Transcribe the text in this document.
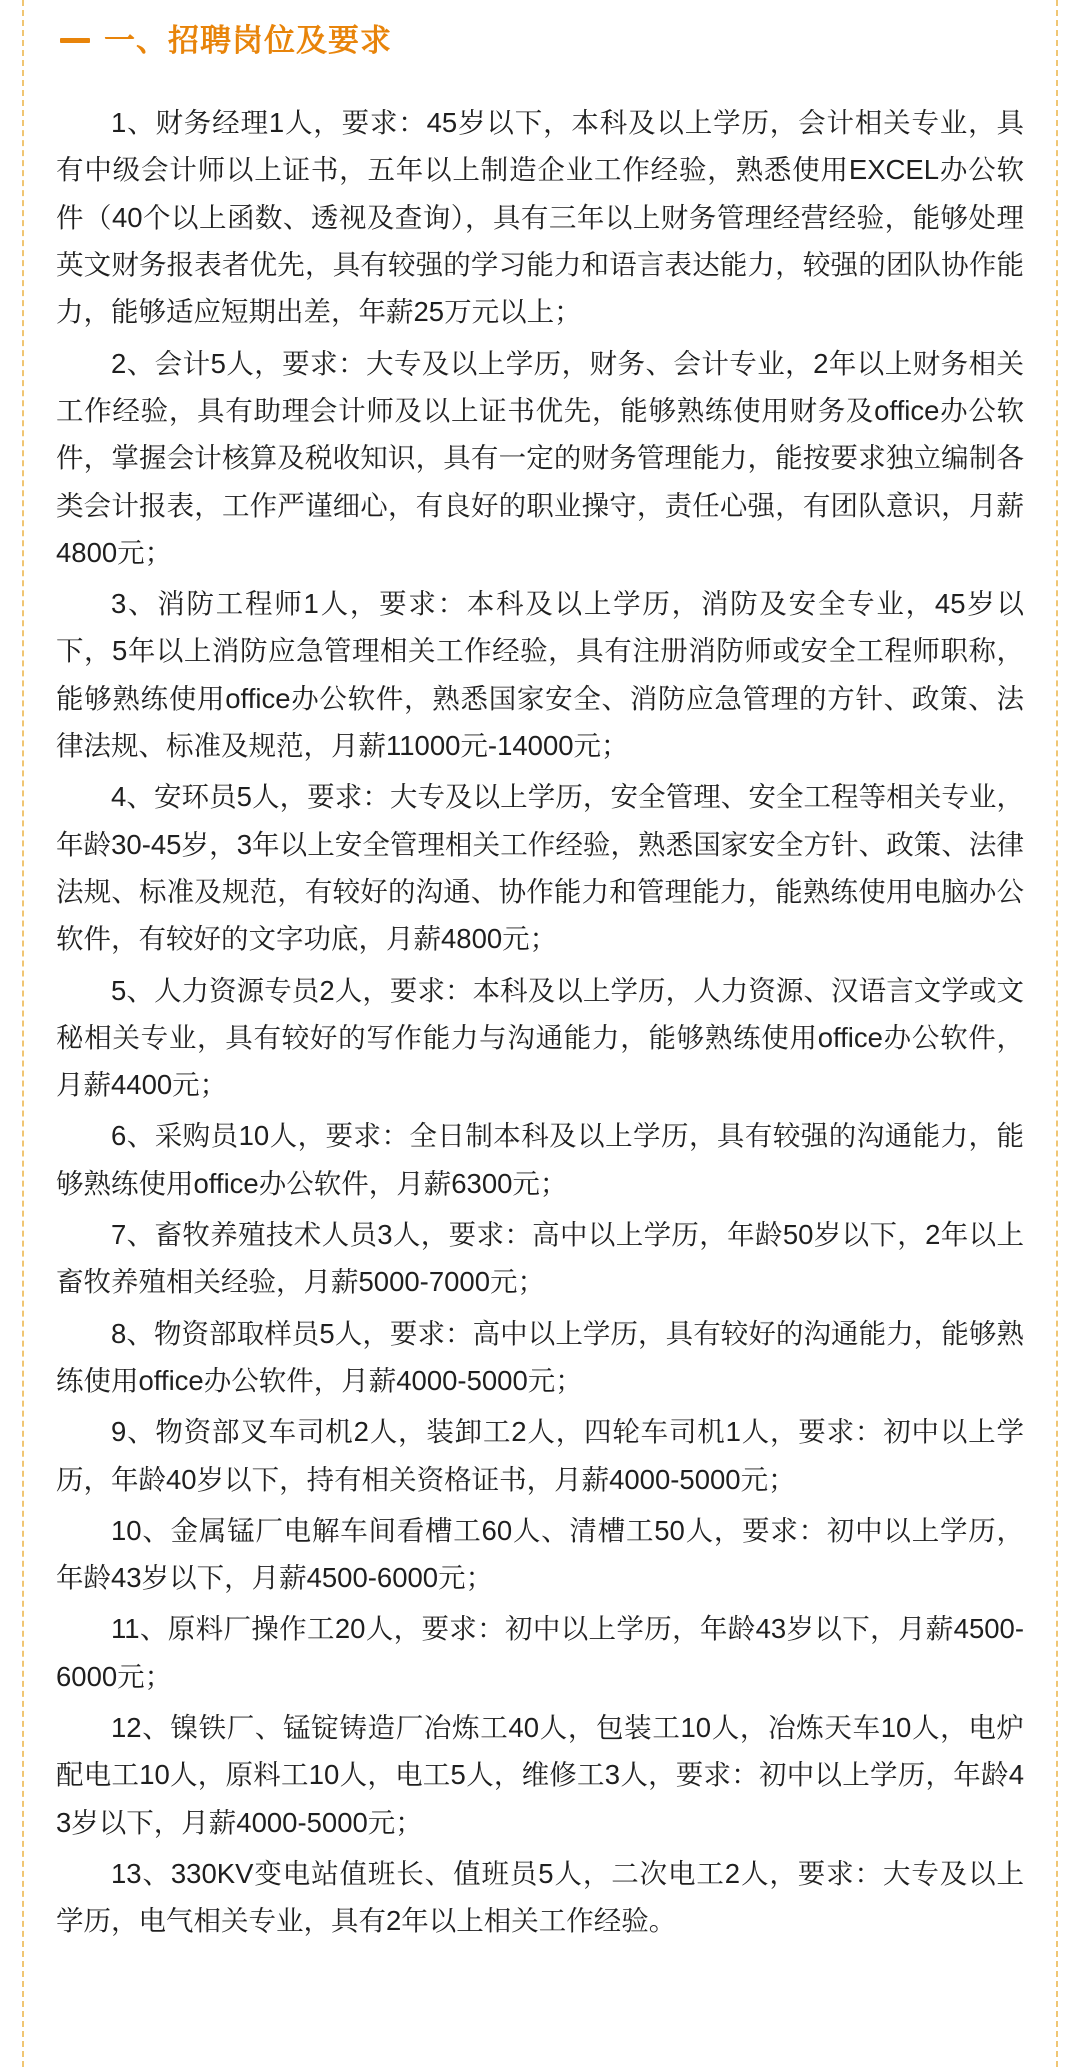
一、招聘岗位及要求

1、财务经理1人，要求：45岁以下，本科及以上学历，会计相关专业，具有中级会计师以上证书，五年以上制造企业工作经验，熟悉使用EXCEL办公软件（40个以上函数、透视及查询），具有三年以上财务管理经营经验，能够处理英文财务报表者优先，具有较强的学习能力和语言表达能力，较强的团队协作能力，能够适应短期出差，年薪25万元以上；

2、会计5人，要求：大专及以上学历，财务、会计专业，2年以上财务相关工作经验，具有助理会计师及以上证书优先，能够熟练使用财务及office办公软件，掌握会计核算及税收知识，具有一定的财务管理能力，能按要求独立编制各类会计报表，工作严谨细心，有良好的职业操守，责任心强，有团队意识，月薪4800元；

3、消防工程师1人，要求：本科及以上学历，消防及安全专业，45岁以下，5年以上消防应急管理相关工作经验，具有注册消防师或安全工程师职称，能够熟练使用office办公软件，熟悉国家安全、消防应急管理的方针、政策、法律法规、标准及规范，月薪11000元-14000元；

4、安环员5人，要求：大专及以上学历，安全管理、安全工程等相关专业，年龄30-45岁，3年以上安全管理相关工作经验，熟悉国家安全方针、政策、法律法规、标准及规范，有较好的沟通、协作能力和管理能力，能熟练使用电脑办公软件，有较好的文字功底，月薪4800元；

5、人力资源专员2人，要求：本科及以上学历，人力资源、汉语言文学或文秘相关专业，具有较好的写作能力与沟通能力，能够熟练使用office办公软件，月薪4400元；

6、采购员10人，要求：全日制本科及以上学历，具有较强的沟通能力，能够熟练使用office办公软件，月薪6300元；

7、畜牧养殖技术人员3人，要求：高中以上学历，年龄50岁以下，2年以上畜牧养殖相关经验，月薪5000-7000元；

8、物资部取样员5人，要求：高中以上学历，具有较好的沟通能力，能够熟练使用office办公软件，月薪4000-5000元；

9、物资部叉车司机2人，装卸工2人，四轮车司机1人，要求：初中以上学历，年龄40岁以下，持有相关资格证书，月薪4000-5000元；

10、金属锰厂电解车间看槽工60人、清槽工50人，要求：初中以上学历，年龄43岁以下，月薪4500-6000元；

11、原料厂操作工20人，要求：初中以上学历，年龄43岁以下，月薪4500-6000元；

12、镍铁厂、锰锭铸造厂冶炼工40人，包装工10人，冶炼天车10人，电炉配电工10人，原料工10人，电工5人，维修工3人，要求：初中以上学历，年龄43岁以下，月薪4000-5000元；

13、330KV变电站值班长、值班员5人，二次电工2人，要求：大专及以上学历，电气相关专业，具有2年以上相关工作经验。
